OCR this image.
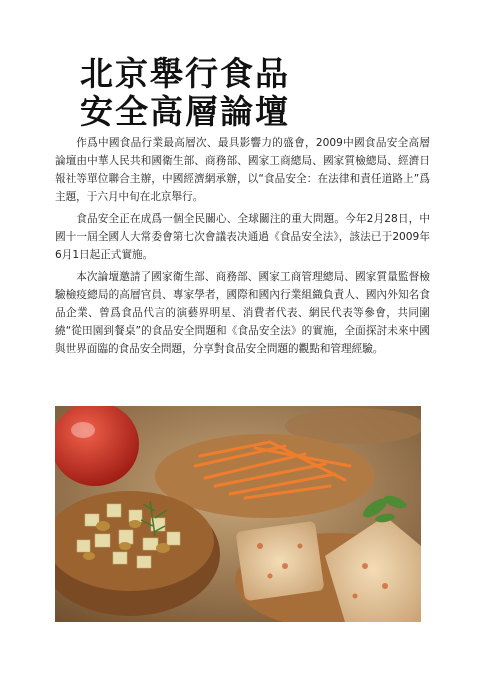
北京舉行食品
安全高層論壇

作爲中國食品行業最高層次、最具影響力的盛會，2009中國食品安全高層論壇由中華人民共和國衛生部、商務部、國家工商總局、國家質檢總局、經濟日報社等單位聯合主辦，中國經濟網承辦，以“食品安全：在法律和責任道路上”爲主題，于六月中旬在北京舉行。

食品安全正在成爲一個全民關心、全球關注的重大問題。今年2月28日，中國十一屆全國人大常委會第七次會議表决通過《食品安全法》，該法已于2009年6月1日起正式實施。

本次論壇邀請了國家衛生部、商務部、國家工商管理總局、國家質量監督檢驗檢疫總局的高層官員、專家學者，國際和國內行業組織負責人、國內外知名食品企業、曾爲食品代言的演藝界明星、消費者代表、網民代表等參會，共同圍繞“從田園到餐桌”的食品安全問題和《食品安全法》的實施，全面探討未來中國與世界面臨的食品安全問題，分享對食品安全問題的觀點和管理經驗。
